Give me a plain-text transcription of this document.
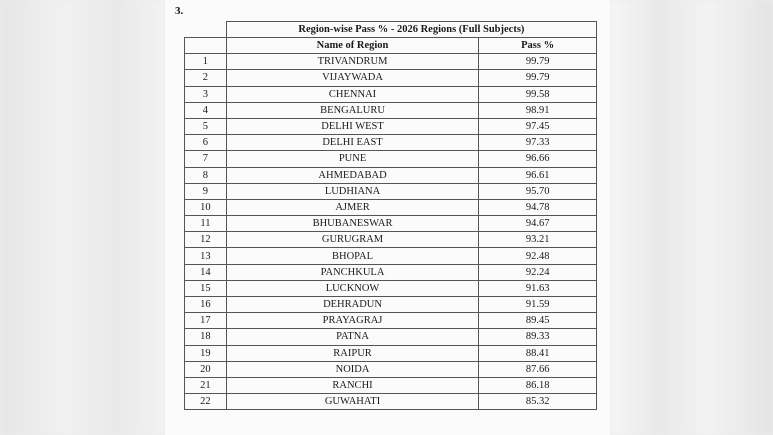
3.
	Region-wise Pass % - 2026 Regions (Full Subjects)	
	Name of Region	Pass %
1	TRIVANDRUM	99.79
2	VIJAYWADA	99.79
3	CHENNAI	99.58
4	BENGALURU	98.91
5	DELHI WEST	97.45
6	DELHI EAST	97.33
7	PUNE	96.66
8	AHMEDABAD	96.61
9	LUDHIANA	95.70
10	AJMER	94.78
11	BHUBANESWAR	94.67
12	GURUGRAM	93.21
13	BHOPAL	92.48
14	PANCHKULA	92.24
15	LUCKNOW	91.63
16	DEHRADUN	91.59
17	PRAYAGRAJ	89.45
18	PATNA	89.33
19	RAIPUR	88.41
20	NOIDA	87.66
21	RANCHI	86.18
22	GUWAHATI	85.32
